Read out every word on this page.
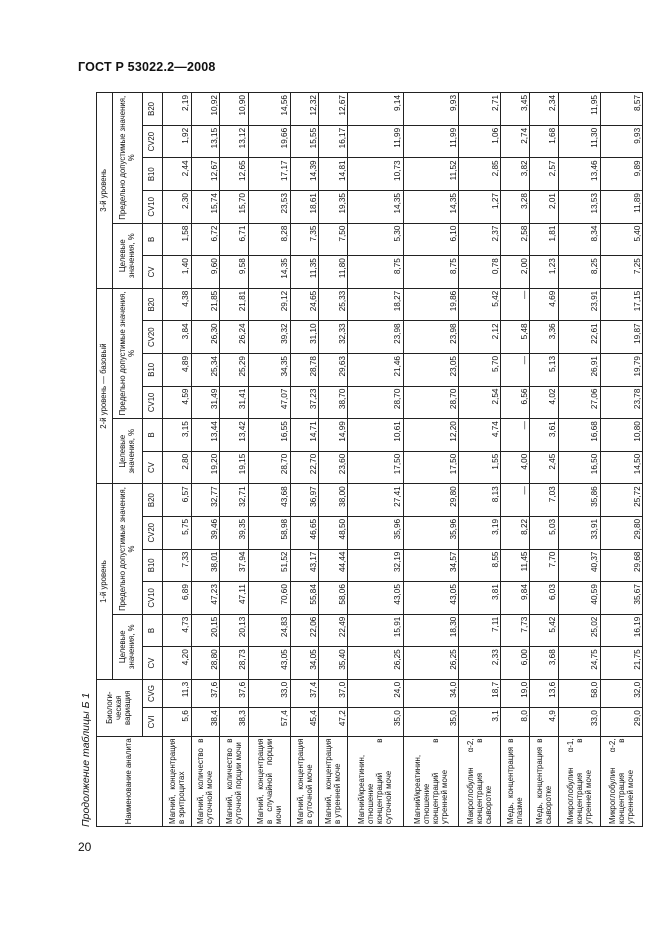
ГОСТ Р 53022.2—2008
Продолжение таблицы Б 1	Наименование аналита	Биологи-ческая вариация		1-й уровень						2-й уровень — базовый						3-й уровень					
			Целевые значения, %		Предельно допустимые значения, %				Целевые значения, %		Предельно допустимые значения, %				Целевые значения, %		Предельно допустимые значения, %			
	CVI	CVG	CV	B	CV10	B10	CV20	B20	CV	B	CV10	B10	CV20	B20	CV	B	CV10	B10	CV20	B20
Магний, концентрация в эритроцитах	5,6	11,3	4,20	4,73	6,89	7,33	5,75	6,57	2,80	3,15	4,59	4,89	3,84	4,38	1,40	1,58	2,30	2,44	1,92	2,19
Магний, количество в суточной моче	38,4	37,6	28,80	20,15	47,23	38,01	39,46	32,77	19,20	13,44	31,49	25,34	26,30	21,85	9,60	6,72	15,74	12,67	13,15	10,92
Магний, количество в суточной порции мочи	38,3	37,6	28,73	20,13	47,11	37,94	39,35	32,71	19,15	13,42	31,41	25,29	26,24	21,81	9,58	6,71	15,70	12,65	13,12	10,90
Магний, концентрация в случайной порции мочи	57,4	33,0	43,05	24,83	70,60	51,52	58,98	43,68	28,70	16,55	47,07	34,35	39,32	29,12	14,35	8,28	23,53	17,17	19,66	14,56
Магний, концентрация в суточной моче	45,4	37,4	34,05	22,06	55,84	43,17	46,65	36,97	22,70	14,71	37,23	28,78	31,10	24,65	11,35	7,35	18,61	14,39	15,55	12,32
Магний, концентрация в утренней моче	47,2	37,0	35,40	22,49	58,06	44,44	48,50	38,00	23,60	14,99	38,70	29,63	32,33	25,33	11,80	7,50	19,35	14,81	16,17	12,67
Магний/креатинин, отношение концентраций в суточной моче	35,0	24,0	26,25	15,91	43,05	32,19	35,96	27,41	17,50	10,61	28,70	21,46	23,98	18,27	8,75	5,30	14,35	10,73	11,99	9,14
Магний/креатинин, отношение концентраций в утренней моче	35,0	34,0	26,25	18,30	43,05	34,57	35,96	29,80	17,50	12,20	28,70	23,05	23,98	19,86	8,75	6,10	14,35	11,52	11,99	9,93
Макроглобулин α-2, концентрация в сыворотке	3,1	18,7	2,33	7,11	3,81	8,55	3,19	8,13	1,55	4,74	2,54	5,70	2,12	5,42	0,78	2,37	1,27	2,85	1,06	2,71
Медь, концентрация в плазме	8,0	19,0	6,00	7,73	9,84	11,45	8,22	—	4,00	—	6,56	—	5,48	—	2,00	2,58	3,28	3,82	2,74	3,45
Медь, концентрация в сыворотке	4,9	13,6	3,68	5,42	6,03	7,70	5,03	7,03	2,45	3,61	4,02	5,13	3,36	4,69	1,23	1,81	2,01	2,57	1,68	2,34
Микроглобулин α-1, концентрация в утренней моче	33,0	58,0	24,75	25,02	40,59	40,37	33,91	35,86	16,50	16,68	27,06	26,91	22,61	23,91	8,25	8,34	13,53	13,46	11,30	11,95
Микроглобулин α-2, концентрация в утренней моче	29,0	32,0	21,75	16,19	35,67	29,68	29,80	25,72	14,50	10,80	23,78	19,79	19,87	17,15	7,25	5,40	11,89	9,89	9,93	8,57
20
